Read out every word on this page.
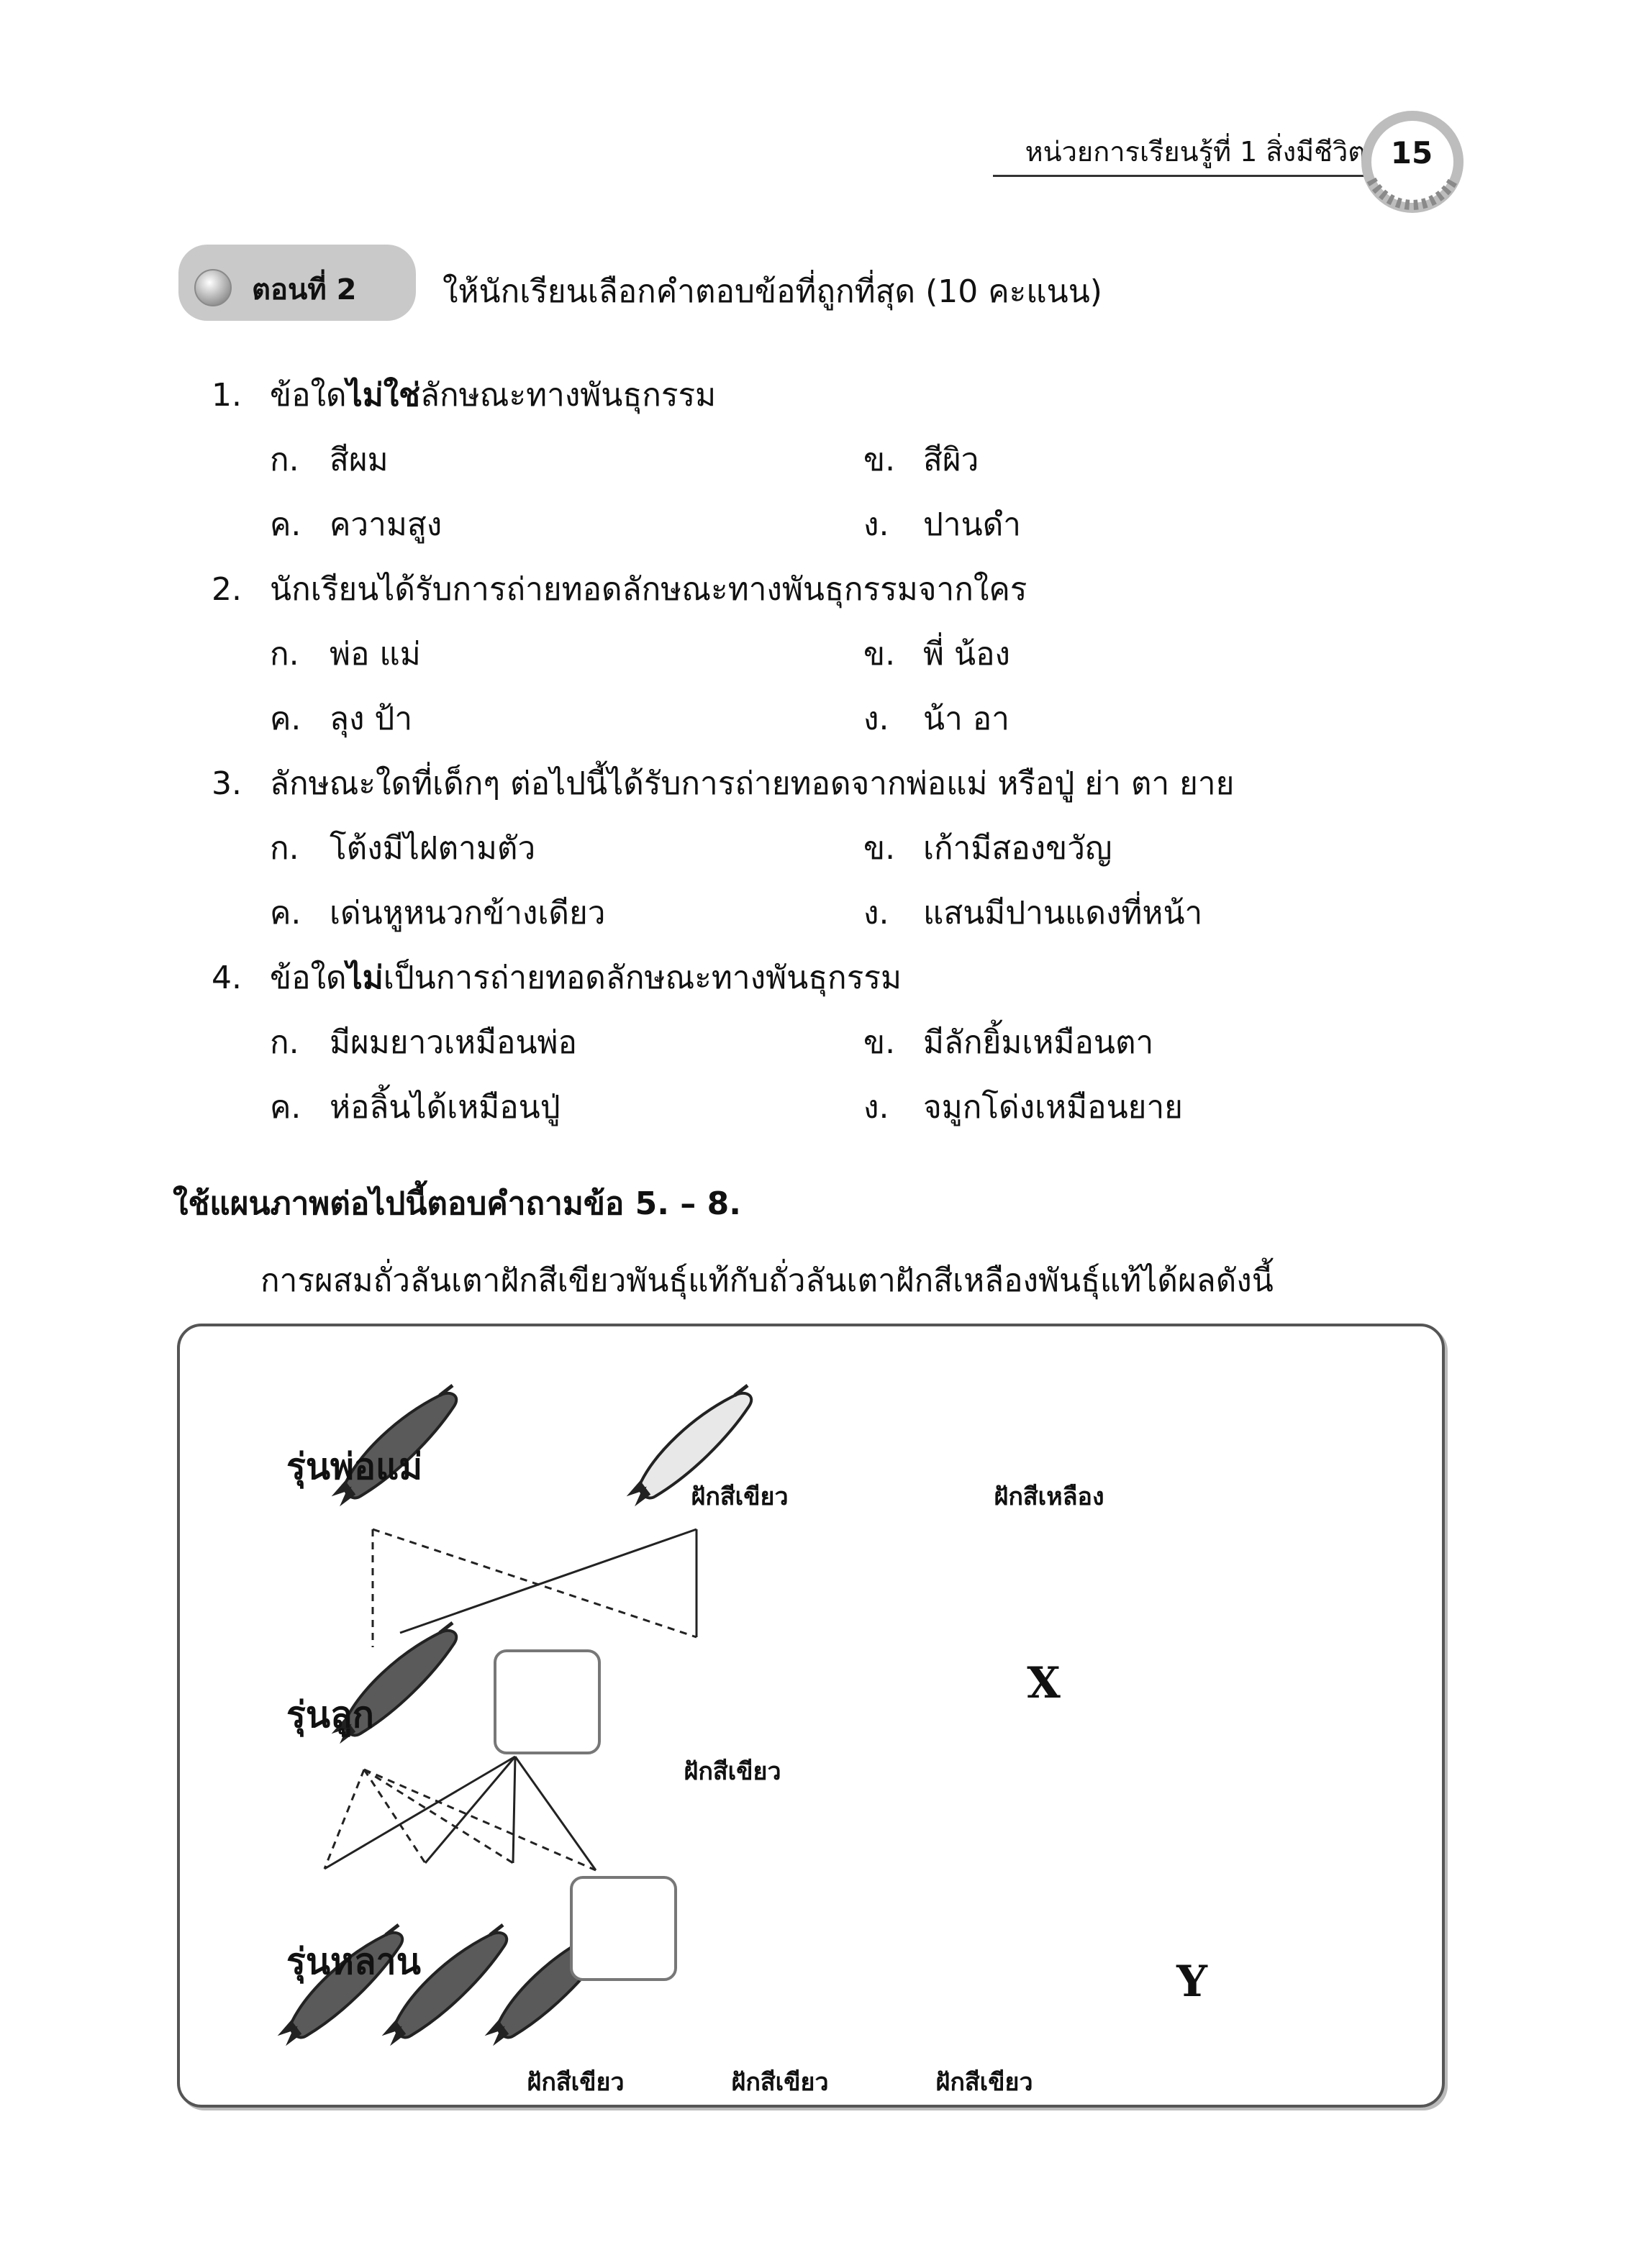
หน่วยการเรียนรู้ที่ 1 สิ่งมีชีวิต 15
ตอนที่ 2	ให้นักเรียนเลือกคำตอบข้อที่ถูกที่สุด (10 คะแนน)
1. ข้อใดไม่ใช่ลักษณะทางพันธุกรรม
ก. สีผม	ข. สีผิว
ค. ความสูง	ง. ปานดำ
2. นักเรียนได้รับการถ่ายทอดลักษณะทางพันธุกรรมจากใคร
ก. พ่อ แม่	ข. พี่ น้อง
ค. ลุง ป้า	ง. น้า อา
3. ลักษณะใดที่เด็กๆ ต่อไปนี้ได้รับการถ่ายทอดจากพ่อแม่ หรือปู่ ย่า ตา ยาย
ก. โต้งมีไฝตามตัว	ข. เก้ามีสองขวัญ
ค. เด่นหูหนวกข้างเดียว	ง. แสนมีปานแดงที่หน้า
4. ข้อใดไม่เป็นการถ่ายทอดลักษณะทางพันธุกรรม
ก. มีผมยาวเหมือนพ่อ	ข. มีลักยิ้มเหมือนตา
ค. ห่อลิ้นได้เหมือนปู่	ง. จมูกโด่งเหมือนยาย
ใช้แผนภาพต่อไปนี้ตอบคำถามข้อ 5. – 8.
การผสมถั่วลันเตาฝักสีเขียวพันธุ์แท้กับถั่วลันเตาฝักสีเหลืองพันธุ์แท้ได้ผลดังนี้
รุ่นพ่อแม่
รุ่นลูก
รุ่นหลาน
ฝักสีเขียว	ฝักสีเหลือง
ฝักสีเขียว
ฝักสีเขียว	ฝักสีเขียว	ฝักสีเขียว
X
Y
